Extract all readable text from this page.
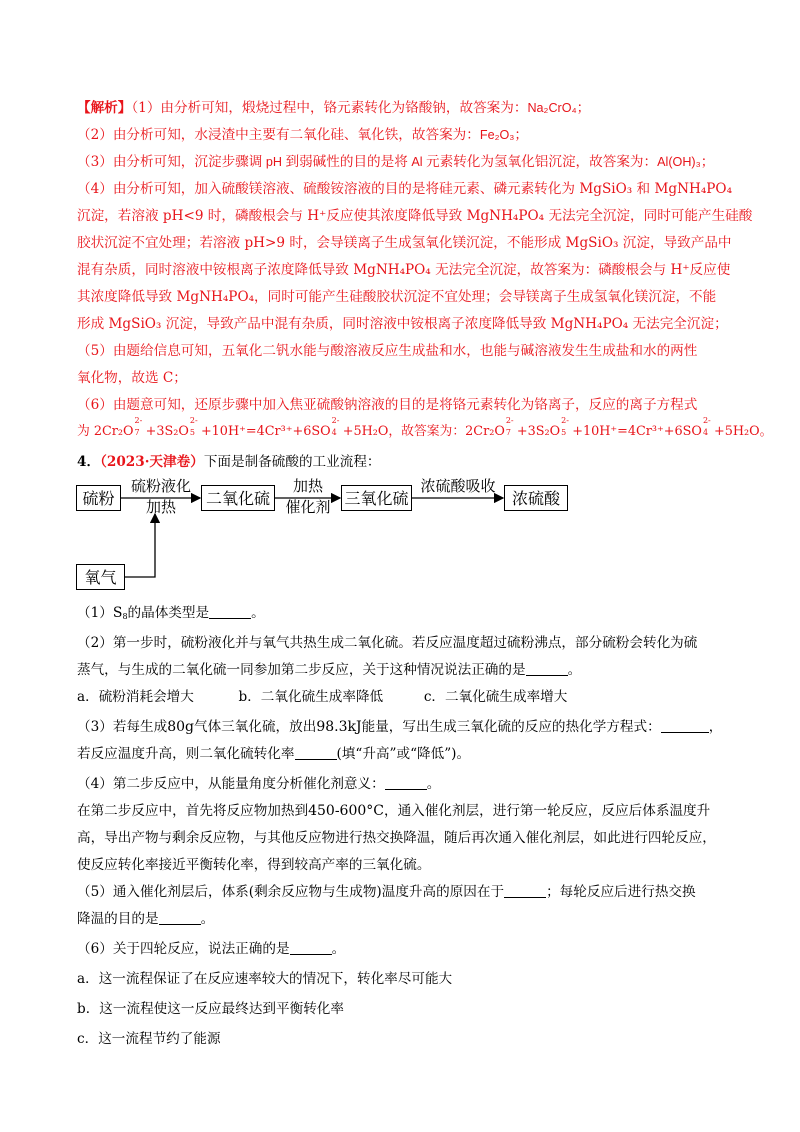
【解析】（1）由分析可知，煅烧过程中，铬元素转化为铬酸钠，故答案为：Na₂CrO₄；
（2）由分析可知，水浸渣中主要有二氧化硅、氧化铁，故答案为：Fe₂O₃；
（3）由分析可知，沉淀步骤调 pH 到弱碱性的目的是将 Al 元素转化为氢氧化铝沉淀，故答案为：Al(OH)₃；
（4）由分析可知，加入硫酸镁溶液、硫酸铵溶液的目的是将硅元素、磷元素转化为 MgSiO₃ 和 MgNH₄PO₄
沉淀，若溶液 pH<9 时，磷酸根会与 H⁺反应使其浓度降低导致 MgNH₄PO₄ 无法完全沉淀，同时可能产生硅酸
胶状沉淀不宜处理；若溶液 pH>9 时，会导镁离子生成氢氧化镁沉淀，不能形成 MgSiO₃ 沉淀，导致产品中
混有杂质，同时溶液中铵根离子浓度降低导致 MgNH₄PO₄ 无法完全沉淀，故答案为：磷酸根会与 H⁺反应使
其浓度降低导致 MgNH₄PO₄，同时可能产生硅酸胶状沉淀不宜处理；会导镁离子生成氢氧化镁沉淀，不能
形成 MgSiO₃ 沉淀，导致产品中混有杂质，同时溶液中铵根离子浓度降低导致 MgNH₄PO₄ 无法完全沉淀；
（5）由题给信息可知，五氧化二钒水能与酸溶液反应生成盐和水，也能与碱溶液发生生成盐和水的两性
氧化物，故选 C；
（6）由题意可知，还原步骤中加入焦亚硫酸钠溶液的目的是将铬元素转化为铬离子，反应的离子方程式
为 2Cr₂O
2-
7 +3S₂O
2-
5 +10H⁺=4Cr³⁺+6SO
2-
4 +5H₂O，故答案为：2Cr₂O
2-
7 +3S₂O
2-
5 +10H⁺=4Cr³⁺+6SO
2-
4 +5H₂O。
4．（2023·天津卷）下面是制备硫酸的工业流程：
硫粉
硫粉液化
加热	二氧化硫
加热
催化剂 三氧化硫
浓硫酸吸收
浓硫酸
氧气
$(1)S_8$的晶体类型是	。
（2）第一步时，硫粉液化并与氧气共热生成二氧化硫。若反应温度超过硫粉沸点，部分硫粉会转化为硫
蒸气，与生成的二氧化硫一同参加第二步反应，关于这种情况说法正确的是	。
a．硫粉消耗会增大	b．二氧化硫生成率降低	c．二氧化硫生成率增大
（3）若每生成80g气体三氧化硫，放出98.3kJ能量，写出生成三氧化硫的反应的热化学方程式：	，
若反应温度升高，则二氧化硫转化率	(填“升高”或“降低”)。
（4）第二步反应中，从能量角度分析催化剂意义：	。
在第二步反应中，首先将反应物加热到450-600°C，通入催化剂层，进行第一轮反应，反应后体系温度升
高，导出产物与剩余反应物，与其他反应物进行热交换降温，随后再次通入催化剂层，如此进行四轮反应，
使反应转化率接近平衡转化率，得到较高产率的三氧化硫。
（5）通入催化剂层后，体系(剩余反应物与生成物)温度升高的原因在于	；每轮反应后进行热交换
降温的目的是	。
（6）关于四轮反应，说法正确的是	。
a．这一流程保证了在反应速率较大的情况下，转化率尽可能大
b．这一流程使这一反应最终达到平衡转化率
c．这一流程节约了能源
